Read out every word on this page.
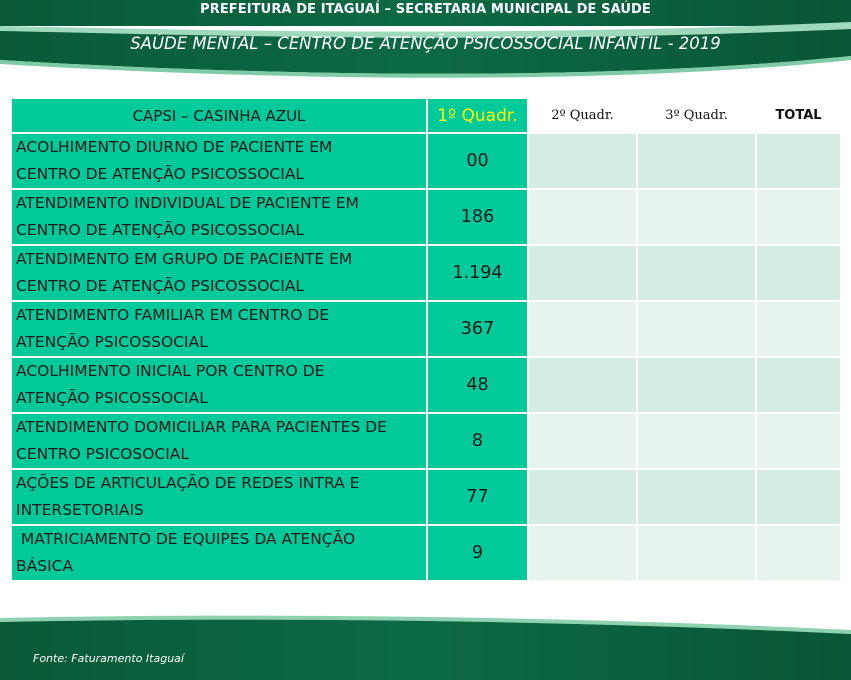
PREFEITURA DE ITAGUAÍ – SECRETARIA MUNICIPAL DE SAÚDE
SAÚDE MENTAL – CENTRO DE ATENÇÃO PSICOSSOCIAL INFANTIL - 2019
CAPSI – CASINHA AZUL	1º Quadr.	2º Quadr.	3º Quadr.	TOTAL
ACOLHIMENTO DIURNO DE PACIENTE EM
CENTRO DE ATENÇÃO PSICOSSOCIAL	00			
ATENDIMENTO INDIVIDUAL DE PACIENTE EM
CENTRO DE ATENÇÃO PSICOSSOCIAL	186			
ATENDIMENTO EM GRUPO DE PACIENTE EM
CENTRO DE ATENÇÃO PSICOSSOCIAL	1.194			
ATENDIMENTO FAMILIAR EM CENTRO DE
ATENÇÃO PSICOSSOCIAL	367			
ACOLHIMENTO INICIAL POR CENTRO DE
ATENÇÃO PSICOSSOCIAL	48			
ATENDIMENTO DOMICILIAR PARA PACIENTES DE
CENTRO PSICOSOCIAL	8			
AÇÕES DE ARTICULAÇÃO DE REDES INTRA E
INTERSETORIAIS	77			
MATRICIAMENTO DE EQUIPES DA ATENÇÃO
BÁSICA	9			
Fonte: Faturamento Itaguaí
